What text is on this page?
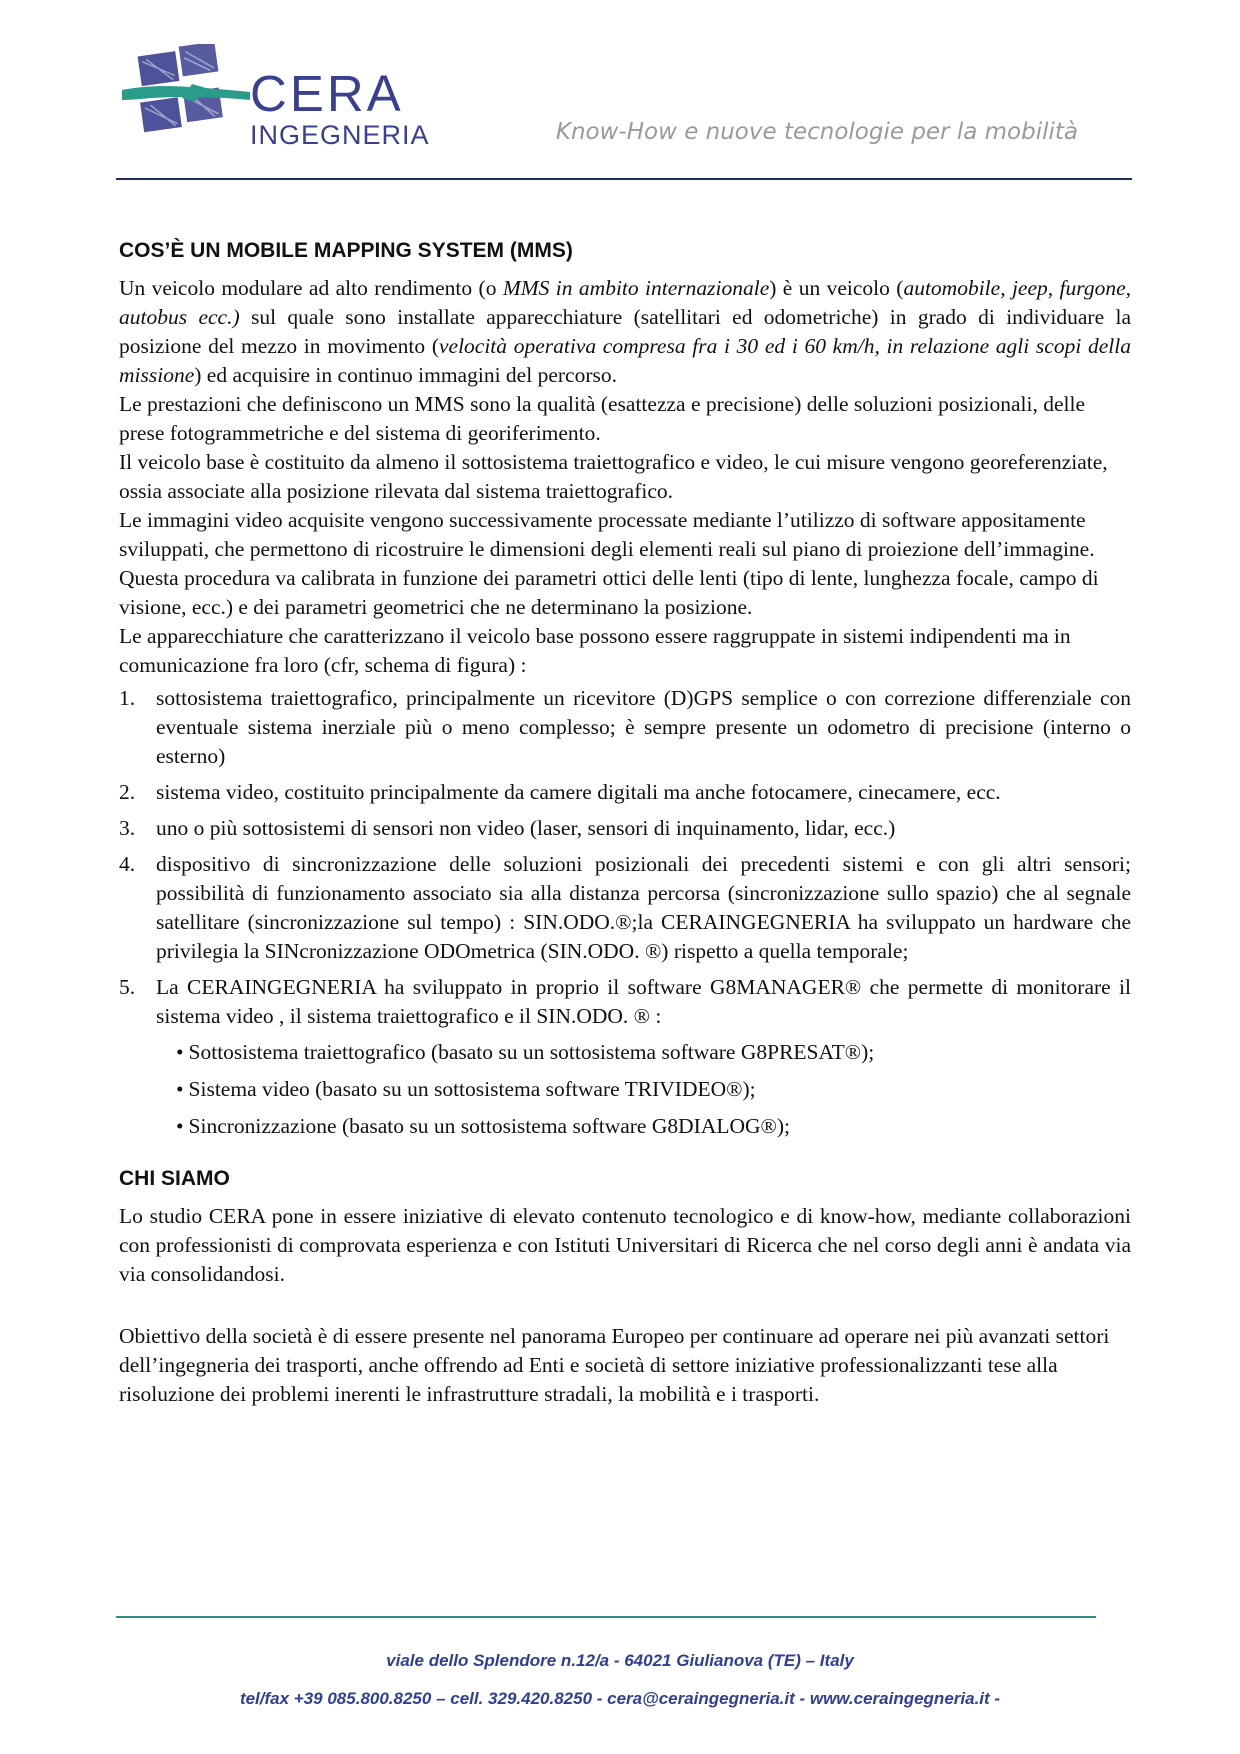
CERA
INGEGNERIA	Know-How e nuove tecnologie per la mobilità
COS’È UN MOBILE MAPPING SYSTEM (MMS)

Un veicolo modulare ad alto rendimento (o MMS in ambito internazionale) è un veicolo (automobile, jeep, furgone, autobus ecc.) sul quale sono installate apparecchiature (satellitari ed odometriche) in grado di individuare la posizione del mezzo in movimento (velocità operativa compresa fra i 30 ed i 60 km/h, in relazione agli scopi della missione) ed acquisire in continuo immagini del percorso.

Le prestazioni che definiscono un MMS sono la qualità (esattezza e precisione) delle soluzioni posizionali, delle prese fotogrammetriche e del sistema di georiferimento.

Il veicolo base è costituito da almeno il sottosistema traiettografico e video, le cui misure vengono georeferenziate, ossia associate alla posizione rilevata dal sistema traiettografico.

Le immagini video acquisite vengono successivamente processate mediante l’utilizzo di software appositamente sviluppati, che permettono di ricostruire le dimensioni degli elementi reali sul piano di proiezione dell’immagine. Questa procedura va calibrata in funzione dei parametri ottici delle lenti (tipo di lente, lunghezza focale, campo di visione, ecc.) e dei parametri geometrici che ne determinano la posizione.

Le apparecchiature che caratterizzano il veicolo base possono essere raggruppate in sistemi indipendenti ma in comunicazione fra loro (cfr, schema di figura) :

1. sottosistema traiettografico, principalmente un ricevitore (D)GPS semplice o con correzione differenziale con eventuale sistema inerziale più o meno complesso; è sempre presente un odometro di precisione (interno o esterno)
2. sistema video, costituito principalmente da camere digitali ma anche fotocamere, cinecamere, ecc.
3. uno o più sottosistemi di sensori non video (laser, sensori di inquinamento, lidar, ecc.)
4. dispositivo di sincronizzazione delle soluzioni posizionali dei precedenti sistemi e con gli altri sensori; possibilità di funzionamento associato sia alla distanza percorsa (sincronizzazione sullo spazio) che al segnale satellitare (sincronizzazione sul tempo) : SIN.ODO.®;la CERAINGEGNERIA ha sviluppato un hardware che privilegia la SINcronizzazione ODOmetrica (SIN.ODO. ®) rispetto a quella temporale;
5. La CERAINGEGNERIA ha sviluppato in proprio il software G8MANAGER® che permette di monitorare il sistema video , il sistema traiettografico e il SIN.ODO. ® :
• Sottosistema traiettografico (basato su un sottosistema software G8PRESAT®);
• Sistema video (basato su un sottosistema software TRIVIDEO®);
• Sincronizzazione (basato su un sottosistema software G8DIALOG®);
CHI SIAMO

Lo studio CERA pone in essere iniziative di elevato contenuto tecnologico e di know-how, mediante collaborazioni con professionisti di comprovata esperienza e con Istituti Universitari di Ricerca che nel corso degli anni è andata via via consolidandosi.

Obiettivo della società è di essere presente nel panorama Europeo per continuare ad operare nei più avanzati settori dell’ingegneria dei trasporti, anche offrendo ad Enti e società di settore iniziative professionalizzanti tese alla risoluzione dei problemi inerenti le infrastrutture stradali, la mobilità e i trasporti.

viale dello Splendore n.12/a - 64021 Giulianova (TE) – Italy
tel/fax +39 085.800.8250 – cell. 329.420.8250 - cera@ceraingegneria.it - www.ceraingegneria.it -
